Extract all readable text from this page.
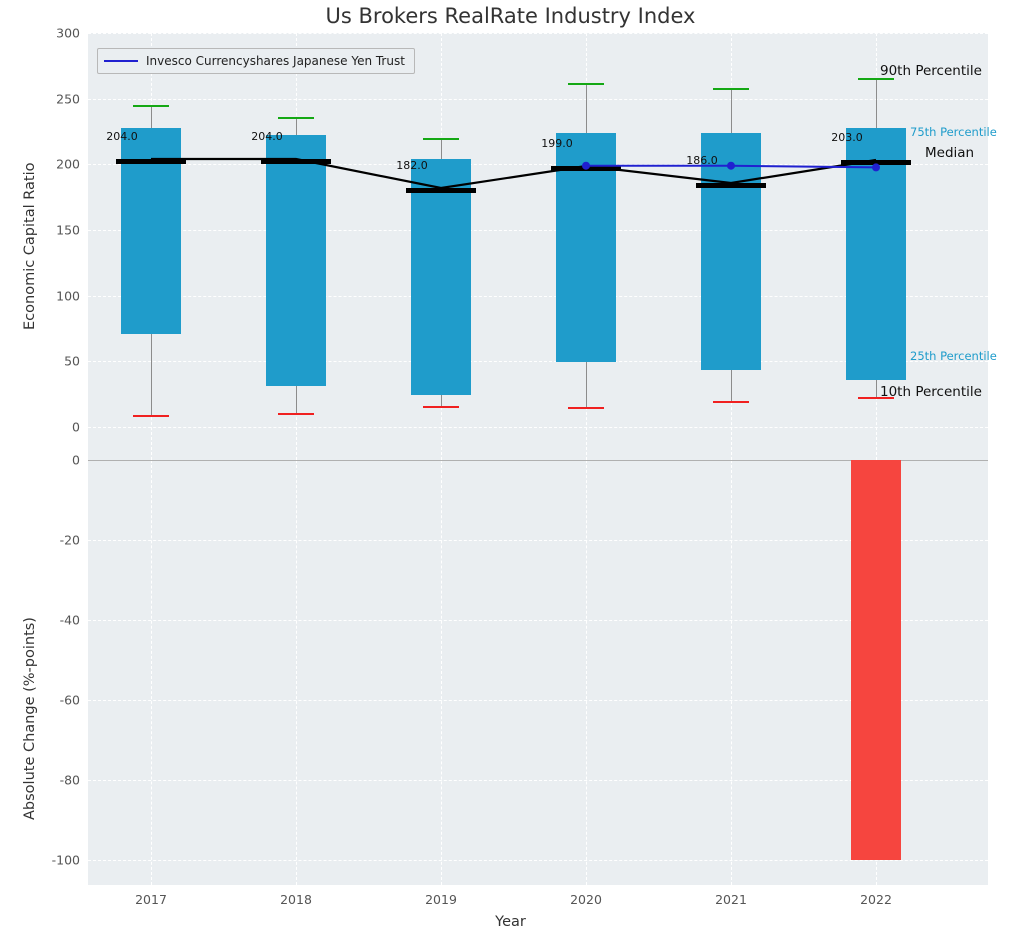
Us Brokers RealRate Industry Index
204.0	204.0
182.0
199.0
186.0
203.0
Invesco Currencyshares Japanese Yen Trust
90th Percentile
75th Percentile
Median
25th Percentile
10th Percentile
300
250
200
150
100
50
0
0
-20
-40
-60
-80
-100
2017	2018	2019	2020	2021	2022
Economic Capital Ratio
Absolute Change (%-points)
Year
